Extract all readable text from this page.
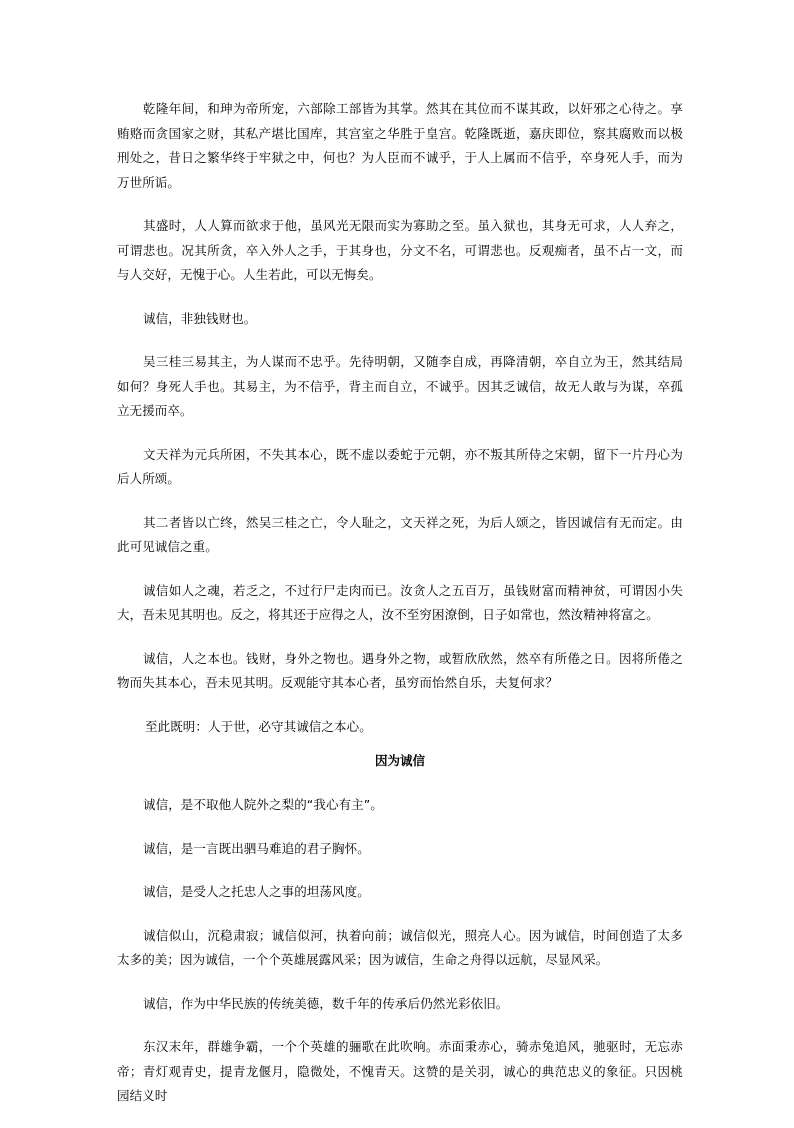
乾隆年间，和珅为帝所宠，六部除工部皆为其掌。然其在其位而不谋其政，以奸邪之心待之。享贿赂而贪国家之财，其私产堪比国库，其宫室之华胜于皇宫。乾隆既逝，嘉庆即位，察其腐败而以极刑处之，昔日之繁华终于牢狱之中，何也？为人臣而不诚乎，于人上属而不信乎，卒身死人手，而为万世所诟。

其盛时，人人算而欲求于他，虽风光无限而实为寡助之至。虽入狱也，其身无可求，人人弃之，可谓悲也。况其所贪，卒入外人之手，于其身也，分文不名，可谓悲也。反观痴者，虽不占一文，而与人交好，无愧于心。人生若此，可以无悔矣。

诚信，非独钱财也。

吴三桂三易其主，为人谋而不忠乎。先待明朝，又随李自成，再降清朝，卒自立为王，然其结局如何？身死人手也。其易主，为不信乎，背主而自立，不诚乎。因其乏诚信，故无人敢与为谋，卒孤立无援而卒。

文天祥为元兵所困，不失其本心，既不虚以委蛇于元朝，亦不叛其所侍之宋朝，留下一片丹心为后人所颂。

其二者皆以亡终，然吴三桂之亡，令人耻之，文天祥之死，为后人颂之，皆因诚信有无而定。由此可见诚信之重。

诚信如人之魂，若乏之，不过行尸走肉而已。汝贪人之五百万，虽钱财富而精神贫，可谓因小失大，吾未见其明也。反之，将其还于应得之人，汝不至穷困潦倒，日子如常也，然汝精神将富之。

诚信，人之本也。钱财，身外之物也。遇身外之物，或暂欣欣然，然卒有所倦之日。因将所倦之物而失其本心，吾未见其明。反观能守其本心者，虽穷而怡然自乐，夫复何求？

至此既明：人于世，必守其诚信之本心。

因为诚信

诚信，是不取他人院外之梨的“我心有主”。

诚信，是一言既出驷马难追的君子胸怀。

诚信，是受人之托忠人之事的坦荡风度。

诚信似山，沉稳肃寂；诚信似河，执着向前；诚信似光，照亮人心。因为诚信，时间创造了太多太多的美；因为诚信，一个个英雄展露风采；因为诚信，生命之舟得以远航，尽显风采。

诚信，作为中华民族的传统美德，数千年的传承后仍然光彩依旧。

东汉末年，群雄争霸，一个个英雄的骊歌在此吹响。赤面秉赤心，骑赤兔追风，驰驱时，无忘赤帝；青灯观青史，提青龙偃月，隐微处，不愧青天。这赞的是关羽，诚心的典范忠义的象征。只因桃园结义时
